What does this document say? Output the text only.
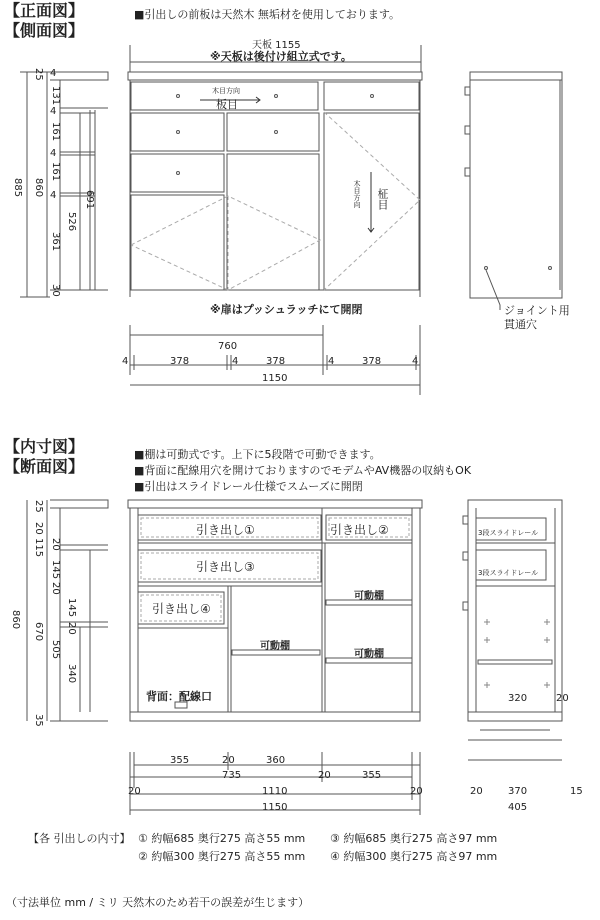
【正面図】
【側面図】
■引出しの前板は天然木 無垢材を使用しております。
天板 1155
※天板は後付け組立式です。
木目方向
板目
木目方向 柾目
※扉はプッシュラッチにて開閉	ジョイント用
貫通穴
25 4
131
4
161
4
161
4
361
30
885 860
526
691
760
4	378	4	378	4	378	4
1150
【内寸図】
【断面図】
■棚は可動式です。上下に5段階で可動できます。
■背面に配線用穴を開けておりますのでモデムやAV機器の収納もOK
■引出はスライドレール仕様でスムーズに開閉
引き出し①	引き出し②
引き出し③
引き出し④
可動棚
可動棚
可動棚
背面：配線口
3段スライドレール
3段スライドレール
320	20
25
20
115 20
145
20
145
20
340
35
860
670
505
355	20	360
735	20	355
20	1110	20
1150
20	370	15
405
【各 引出しの内寸】 ① 約幅685 奥行275 高さ55 mm ③ 約幅685 奥行275 高さ97 mm
② 約幅300 奥行275 高さ55 mm ④ 約幅300 奥行275 高さ97 mm
（寸法単位 mm / ミリ 天然木のため若干の誤差が生じます）
